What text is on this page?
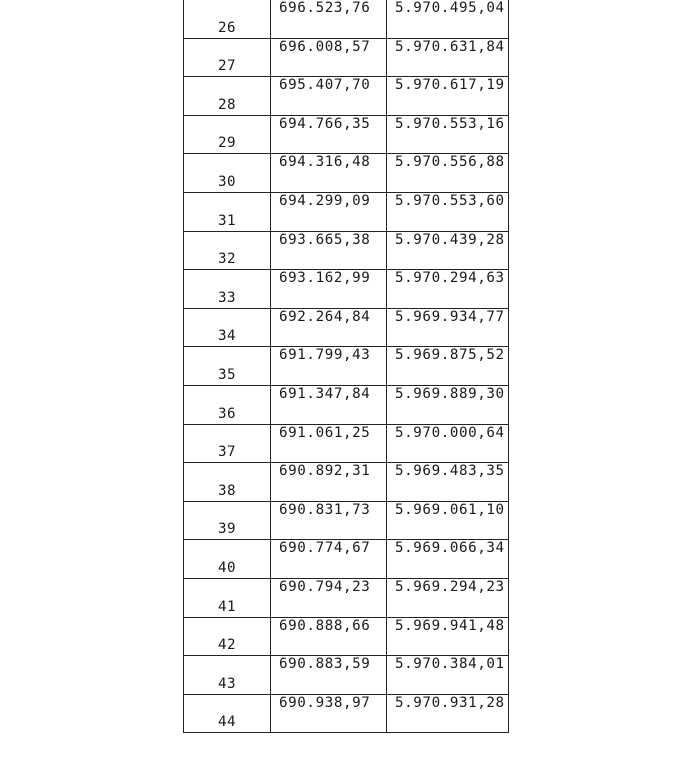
26	696.523,76	5.970.495,04

27	696.008,57	5.970.631,84

28	695.407,70	5.970.617,19

29	694.766,35	5.970.553,16

30	694.316,48	5.970.556,88

31	694.299,09	5.970.553,60

32	693.665,38	5.970.439,28

33	693.162,99	5.970.294,63

34	692.264,84	5.969.934,77

35	691.799,43	5.969.875,52

36	691.347,84	5.969.889,30

37	691.061,25	5.970.000,64

38	690.892,31	5.969.483,35

39	690.831,73	5.969.061,10

40	690.774,67	5.969.066,34

41	690.794,23	5.969.294,23

42	690.888,66	5.969.941,48

43	690.883,59	5.970.384,01

44	690.938,97	5.970.931,28
